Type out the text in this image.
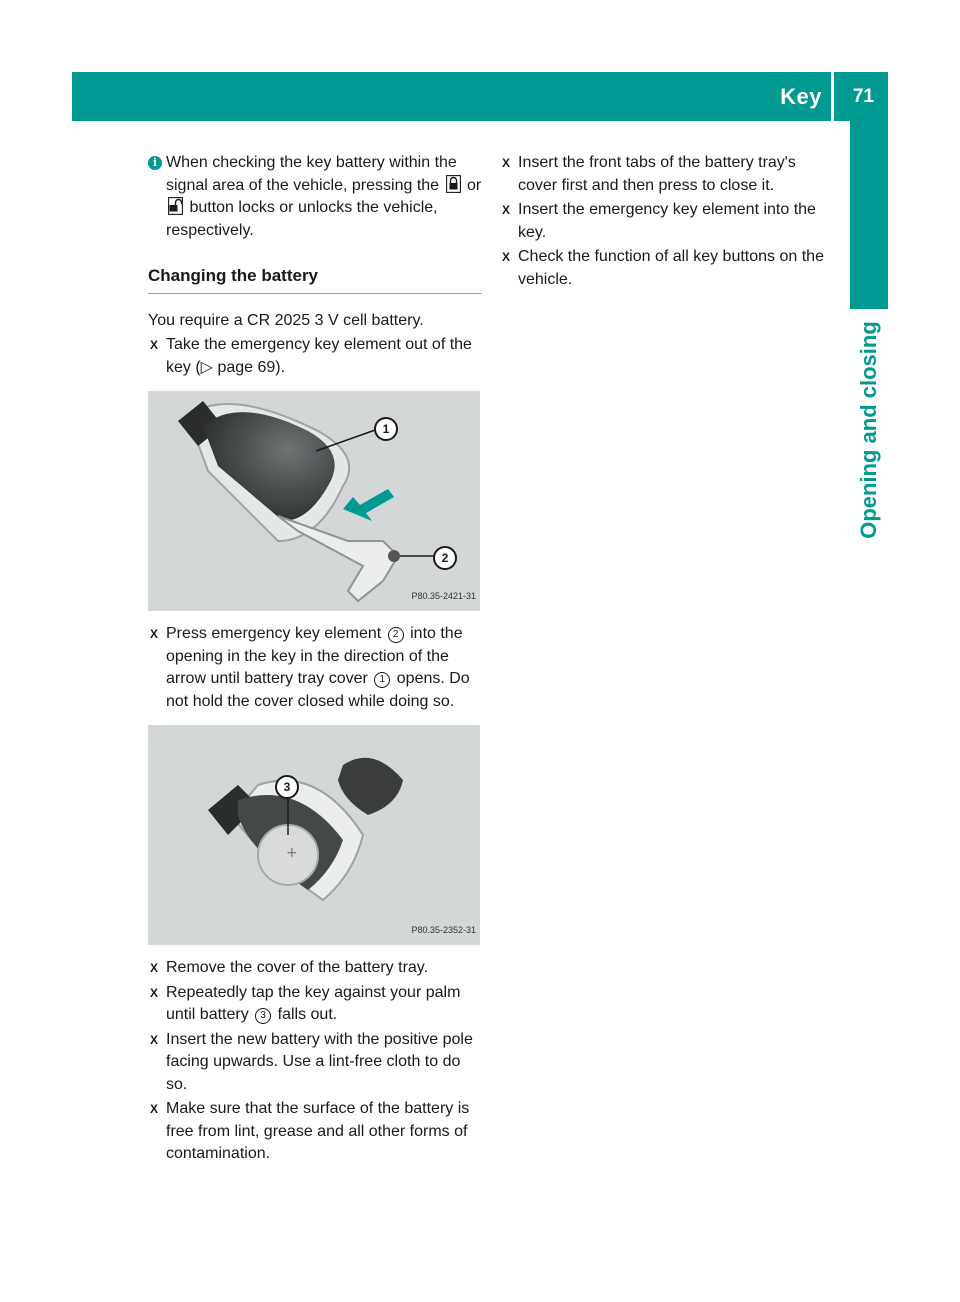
Key 71
Opening and closing
i When checking the key battery within the signal area of the vehicle, pressing the or  button locks or unlocks the vehicle, respectively.
Changing the battery

You require a CR 2025 3 V cell battery.

X Take the emergency key element out of the key (▷ page 69).
1
2
P80.35-2421-31
X Press emergency key element 2 into the opening in the key in the direction of the arrow until battery tray cover 1 opens. Do not hold the cover closed while doing so.
+
3
P80.35-2352-31
X Remove the cover of the battery tray.
X Repeatedly tap the key against your palm until battery 3 falls out.
X Insert the new battery with the positive pole facing upwards. Use a lint-free cloth to do so.
X Make sure that the surface of the battery is free from lint, grease and all other forms of contamination.
X Insert the front tabs of the battery tray's cover first and then press to close it.
X Insert the emergency key element into the key.
X Check the function of all key buttons on the vehicle.
